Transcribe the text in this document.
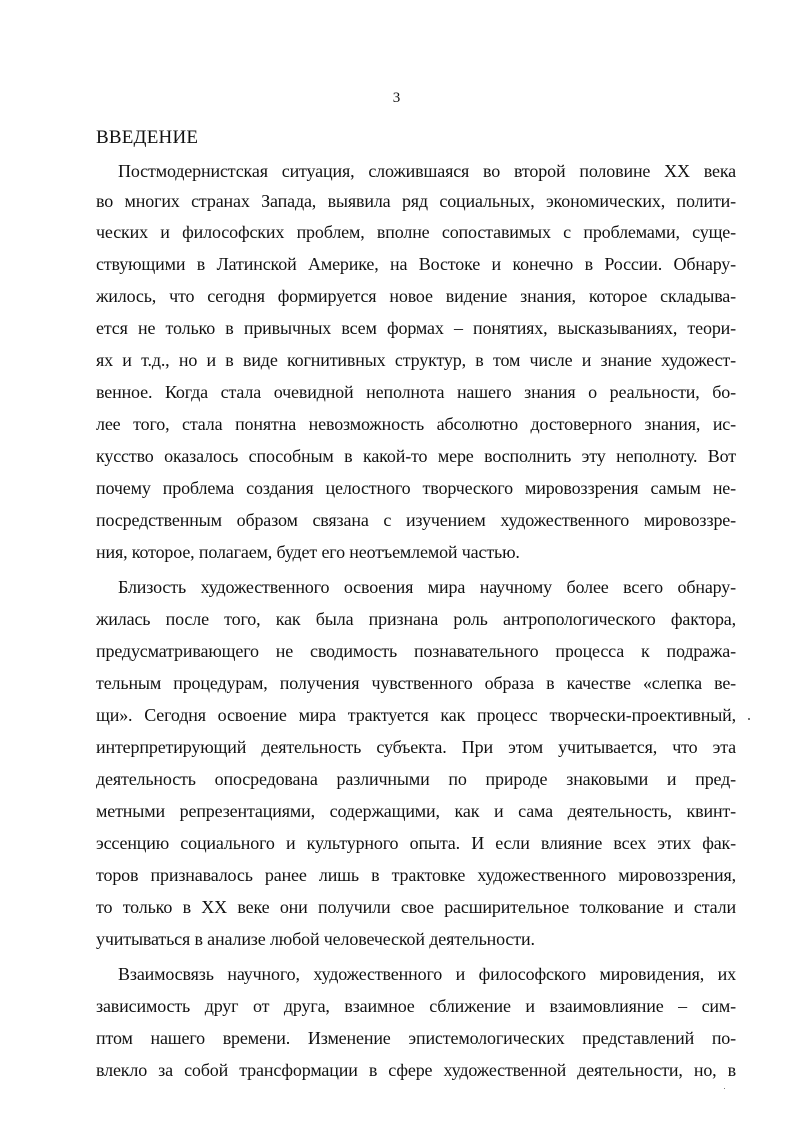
3
ВВЕДЕНИЕ
Постмодернистская ситуация, сложившаяся во второй половине XX века
во многих странах Запада, выявила ряд социальных, экономических, полити-
ческих и философских проблем, вполне сопоставимых с проблемами, суще-
ствующими в Латинской Америке, на Востоке и конечно в России. Обнару-
жилось, что сегодня формируется новое видение знания, которое складыва-
ется не только в привычных всем формах – понятиях, высказываниях, теори-
ях и т.д., но и в виде когнитивных структур, в том числе и знание художест-
венное. Когда стала очевидной неполнота нашего знания о реальности, бо-
лее того, стала понятна невозможность абсолютно достоверного знания, ис-
кусство оказалось способным в какой-то мере восполнить эту неполноту. Вот
почему проблема создания целостного творческого мировоззрения самым не-
посредственным образом связана с изучением художественного мировоззре-
ния, которое, полагаем, будет его неотъемлемой частью.
Близость художественного освоения мира научному более всего обнару-
жилась после того, как была признана роль антропологического фактора,
предусматривающего не сводимость познавательного процесса к подража-
тельным процедурам, получения чувственного образа в качестве «слепка ве-
щи». Сегодня освоение мира трактуется как процесс творчески-проективный,
интерпретирующий деятельность субъекта. При этом учитывается, что эта
деятельность опосредована различными по природе знаковыми и пред-
метными репрезентациями, содержащими, как и сама деятельность, квинт-
эссенцию социального и культурного опыта. И если влияние всех этих фак-
торов признавалось ранее лишь в трактовке художественного мировоззрения,
то только в XX веке они получили свое расширительное толкование и стали
учитываться в анализе любой человеческой деятельности.
Взаимосвязь научного, художественного и философского мировидения, их
зависимость друг от друга, взаимное сближение и взаимовлияние – сим-
птом нашего времени. Изменение эпистемологических представлений по-
влекло за собой трансформации в сфере художественной деятельности, но, в
